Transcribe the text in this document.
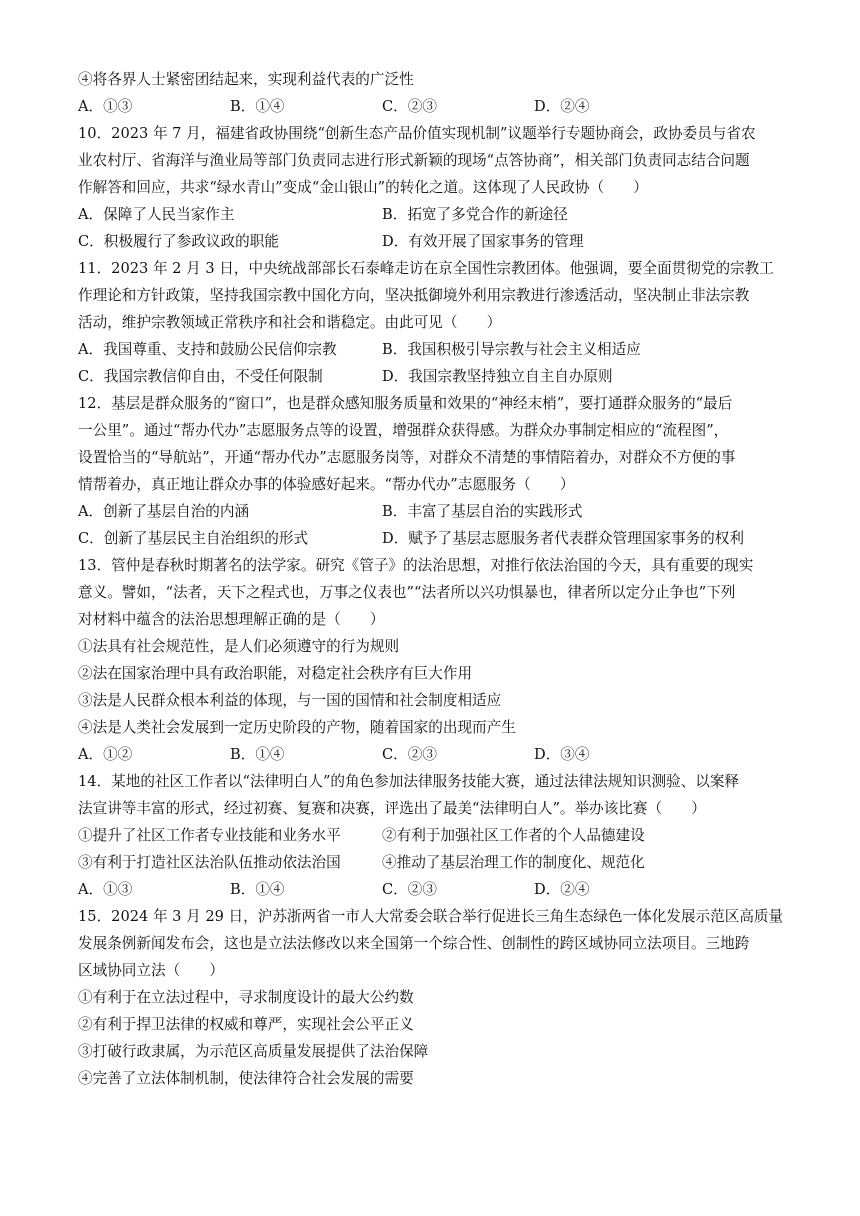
④将各界人士紧密团结起来，实现利益代表的广泛性
A．①③	B．①④	C．②③	D．②④
10．2023 年 7 月，福建省政协围绕“创新生态产品价值实现机制”议题举行专题协商会，政协委员与省农
业农村厅、省海洋与渔业局等部门负责同志进行形式新颖的现场“点答协商”，相关部门负责同志结合问题
作解答和回应，共求“绿水青山”变成“金山银山”的转化之道。这体现了人民政协（　　）
A．保障了人民当家作主	B．拓宽了多党合作的新途径
C．积极履行了参政议政的职能	D．有效开展了国家事务的管理
11．2023 年 2 月 3 日，中央统战部部长石泰峰走访在京全国性宗教团体。他强调，要全面贯彻党的宗教工
作理论和方针政策，坚持我国宗教中国化方向，坚决抵御境外利用宗教进行渗透活动，坚决制止非法宗教
活动，维护宗教领域正常秩序和社会和谐稳定。由此可见（　　）
A．我国尊重、支持和鼓励公民信仰宗教	B．我国积极引导宗教与社会主义相适应
C．我国宗教信仰自由，不受任何限制	D．我国宗教坚持独立自主自办原则
12．基层是群众服务的“窗口”，也是群众感知服务质量和效果的“神经末梢”，要打通群众服务的“最后
一公里”。通过“帮办代办”志愿服务点等的设置，增强群众获得感。为群众办事制定相应的“流程图”，
设置恰当的“导航站”，开通“帮办代办”志愿服务岗等，对群众不清楚的事情陪着办，对群众不方便的事
情帮着办，真正地让群众办事的体验感好起来。“帮办代办”志愿服务（　　）
A．创新了基层自治的内涵	B．丰富了基层自治的实践形式
C．创新了基层民主自治组织的形式	D．赋予了基层志愿服务者代表群众管理国家事务的权利
13．管仲是春秋时期著名的法学家。研究《管子》的法治思想，对推行依法治国的今天，具有重要的现实
意义。譬如，“法者，天下之程式也，万事之仪表也”“法者所以兴功惧暴也，律者所以定分止争也”下列
对材料中蕴含的法治思想理解正确的是（　　）
①法具有社会规范性，是人们必须遵守的行为规则
②法在国家治理中具有政治职能，对稳定社会秩序有巨大作用
③法是人民群众根本利益的体现，与一国的国情和社会制度相适应
④法是人类社会发展到一定历史阶段的产物，随着国家的出现而产生
A．①②	B．①④	C．②③	D．③④
14．某地的社区工作者以“法律明白人”的角色参加法律服务技能大赛，通过法律法规知识测验、以案释
法宣讲等丰富的形式，经过初赛、复赛和决赛，评选出了最美“法律明白人”。举办该比赛（　　）
①提升了社区工作者专业技能和业务水平	②有利于加强社区工作者的个人品德建设
③有利于打造社区法治队伍推动依法治国	④推动了基层治理工作的制度化、规范化
A．①③	B．①④	C．②③	D．②④
15．2024 年 3 月 29 日，沪苏浙两省一市人大常委会联合举行促进长三角生态绿色一体化发展示范区高质量
发展条例新闻发布会，这也是立法法修改以来全国第一个综合性、创制性的跨区域协同立法项目。三地跨
区域协同立法（　　）
①有利于在立法过程中，寻求制度设计的最大公约数
②有利于捍卫法律的权威和尊严，实现社会公平正义
③打破行政隶属，为示范区高质量发展提供了法治保障
④完善了立法体制机制，使法律符合社会发展的需要
